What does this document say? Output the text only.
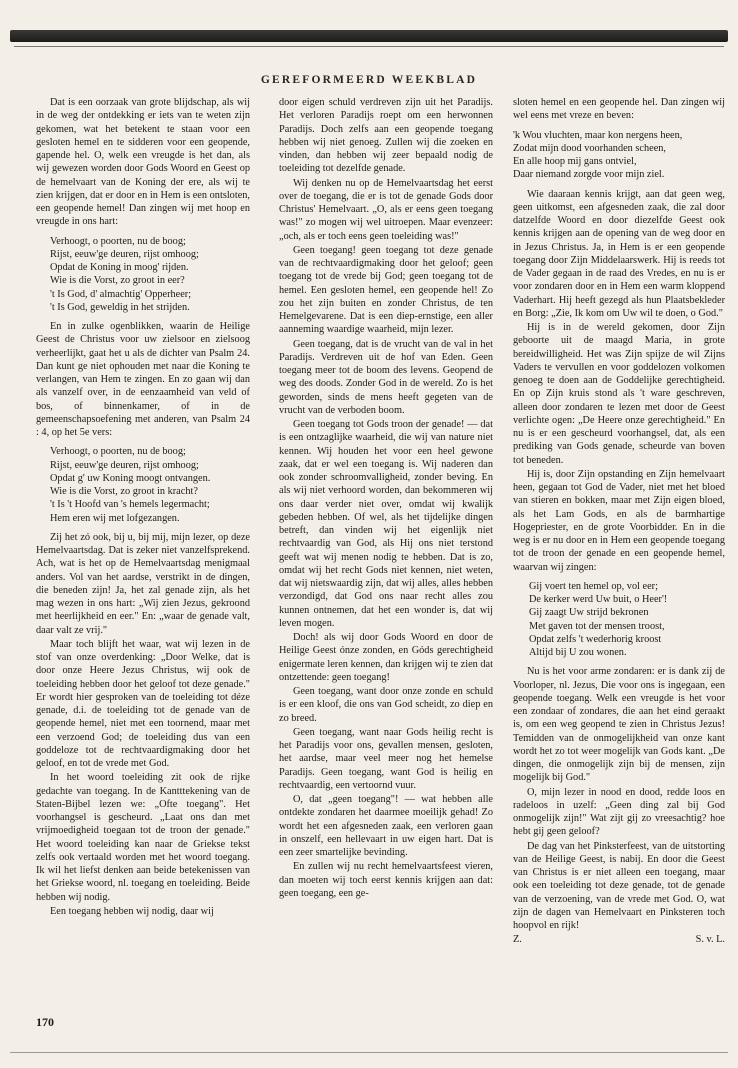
GEREFORMEERD WEEKBLAD

Dat is een oorzaak van grote blijdschap, als wij in de weg der ontdekking er iets van te weten zijn gekomen, wat het betekent te staan voor een gesloten hemel en te sidderen voor een geopende, gapende hel. O, welk een vreugde is het dan, als wij gewezen worden door Gods Woord en Geest op de hemelvaart van de Koning der ere, als wij te zien krijgen, dat er door en in Hem is een ontsloten, een geopende hemel! Dan zingen wij met hoop en vreugde in ons hart:

Verhoogt, o poorten, nu de boog;
Rijst, eeuw'ge deuren, rijst omhoog;
Opdat de Koning in moog' rijden.
Wie is die Vorst, zo groot in eer?
't Is God, d' almachtig' Opperheer;
't Is God, geweldig in het strijden.

En in zulke ogenblikken, waarin de Heilige Geest de Christus voor uw zielsoor en zielsoog verheerlijkt, gaat het u als de dichter van Psalm 24. Dan kunt ge niet ophouden met naar die Koning te verlangen, van Hem te zingen. En zo gaan wij dan als vanzelf over, in de eenzaamheid van veld of bos, of binnenkamer, of in de gemeenschapsoefening met anderen, van Psalm 24 : 4, op het 5e vers:

Verhoogt, o poorten, nu de boog;
Rijst, eeuw'ge deuren, rijst omhoog;
Opdat g' uw Koning moogt ontvangen.
Wie is die Vorst, zo groot in kracht?
't Is 't Hoofd van 's hemels legermacht;
Hem eren wij met lofgezangen.

Zij het zó ook, bij u, bij mij, mijn lezer, op deze Hemelvaartsdag. Dat is zeker niet vanzelfsprekend. Ach, wat is het op de Hemelvaartsdag menigmaal anders. Vol van het aardse, verstrikt in de dingen, die beneden zijn! Ja, het zal genade zijn, als het mag wezen in ons hart: „Wij zien Jezus, gekroond met heerlijkheid en eer." En: „waar de genade valt, daar valt ze vrij."

Maar toch blijft het waar, wat wij lezen in de stof van onze overdenking: „Door Welke, dat is door onze Heere Jezus Christus, wij ook de toeleiding hebben door het geloof tot deze genade." Er wordt hier gesproken van de toeleiding tot déze genade, d.i. de toeleiding tot de genade van de geopende hemel, niet met een toornend, maar met een verzoend God; de toeleiding dus van een goddeloze tot de rechtvaardigmaking door het geloof, en tot de vrede met God.

In het woord toeleiding zit ook de rijke gedachte van toegang. In de Kantttekening van de Staten-Bijbel lezen we: „Ofte toegang". Het voorhangsel is gescheurd. „Laat ons dan met vrijmoedigheid toegaan tot de troon der genade." Het woord toeleiding kan naar de Griekse tekst zelfs ook vertaald worden met het woord toegang. Ik wil het liefst denken aan beide betekenissen van het Griekse woord, nl. toegang en toeleiding. Beide hebben wij nodig.

Een toegang hebben wij nodig, daar wij

door eigen schuld verdreven zijn uit het Paradijs. Het verloren Paradijs roept om een herwonnen Paradijs. Doch zelfs aan een geopende toegang hebben wij niet genoeg. Zullen wij die zoeken en vinden, dan hebben wij zeer bepaald nodig de toeleiding tot dezelfde genade.

Wij denken nu op de Hemelvaartsdag het eerst over de toegang, die er is tot de genade Gods door Christus' Hemelvaart. „O, als er eens geen toegang was!" zo mogen wij wel uitroepen. Maar evenzeer: „och, als er toch eens geen toeleiding was!"

Geen toegang! geen toegang tot deze genade van de rechtvaardigmaking door het geloof; geen toegang tot de vrede bij God; geen toegang tot de hemel. Een gesloten hemel, een geopende hel! Zo zou het zijn buiten en zonder Christus, de ten Hemelgevarene. Dat is een diep-ernstige, een aller aanneming waardige waarheid, mijn lezer.

Geen toegang, dat is de vrucht van de val in het Paradijs. Verdreven uit de hof van Eden. Geen toegang meer tot de boom des levens. Geopend de weg des doods. Zonder God in de wereld. Zo is het geworden, sinds de mens heeft gegeten van de vrucht van de verboden boom.

Geen toegang tot Gods troon der genade! — dat is een ontzaglijke waarheid, die wij van nature niet kennen. Wij houden het voor een heel gewone zaak, dat er wel een toegang is. Wij naderen dan ook zonder schroomvalligheid, zonder beving. En als wij niet verhoord worden, dan bekommeren wij ons daar verder niet over, omdat wij kwalijk gebeden hebben. Of wel, als het tijdelijke dingen betreft, dan vinden wij het eigenlijk niet rechtvaardig van God, als Hij ons niet terstond geeft wat wij menen nodig te hebben. Dat is zo, omdat wij het recht Gods niet kennen, niet weten, dat wij nietswaardig zijn, dat wij alles, alles hebben verzondigd, dat God ons naar recht alles zou kunnen ontnemen, dat het een wonder is, dat wij leven mogen.

Doch! als wij door Gods Woord en door de Heilige Geest ónze zonden, en Góds gerechtigheid enigermate leren kennen, dan krijgen wij te zien dat ontzettende: geen toegang!

Geen toegang, want door onze zonde en schuld is er een kloof, die ons van God scheidt, zo diep en zo breed.

Geen toegang, want naar Gods heilig recht is het Paradijs voor ons, gevallen mensen, gesloten, het aardse, maar veel meer nog het hemelse Paradijs. Geen toegang, want God is heilig en rechtvaardig, een vertoornd vuur.

O, dat „geen toegang"! — wat hebben alle ontdekte zondaren het daarmee moeilijk gehad! Zo wordt het een afgesneden zaak, een verloren gaan in onszelf, een hellevaart in uw eigen hart. Dat is een zeer smartelijke bevinding.

En zullen wij nu recht hemelvaartsfeest vieren, dan moeten wij toch eerst kennis krijgen aan dat: geen toegang, een ge-

sloten hemel en een geopende hel. Dan zingen wij wel eens met vreze en beven:

'k Wou vluchten, maar kon nergens heen,
Zodat mijn dood voorhanden scheen,
En alle hoop mij gans ontviel,
Daar niemand zorgde voor mijn ziel.

Wie daaraan kennis krijgt, aan dat geen weg, geen uitkomst, een afgesneden zaak, die zal door datzelfde Woord en door diezelfde Geest ook kennis krijgen aan de opening van de weg door en in Jezus Christus. Ja, in Hem is er een geopende toegang door Zijn Middelaarswerk. Hij is reeds tot de Vader gegaan in de raad des Vredes, en nu is er voor zondaren door en in Hem een warm kloppend Vaderhart. Hij heeft gezegd als hun Plaatsbekleder en Borg: „Zie, Ik kom om Uw wil te doen, o God."

Hij is in de wereld gekomen, door Zijn geboorte uit de maagd Maria, in grote bereidwilligheid. Het was Zijn spijze de wil Zijns Vaders te vervullen en voor goddelozen volkomen genoeg te doen aan de Goddelijke gerechtigheid. En op Zijn kruis stond als 't ware geschreven, alleen door zondaren te lezen met door de Geest verlichte ogen: „De Heere onze gerechtigheid." En nu is er een gescheurd voorhangsel, dat, als een prediking van Gods genade, scheurde van boven tot beneden.

Hij is, door Zijn opstanding en Zijn hemelvaart heen, gegaan tot God de Vader, niet met het bloed van stieren en bokken, maar met Zijn eigen bloed, als het Lam Gods, en als de barmhartige Hogepriester, en de grote Voorbidder. En in die weg is er nu door en in Hem een geopende toegang tot de troon der genade en een geopende hemel, waarvan wij zingen:

Gij voert ten hemel op, vol eer;
De kerker werd Uw buit, o Heer'!
Gij zaagt Uw strijd bekronen
Met gaven tot der mensen troost,
Opdat zelfs 't wederhorig kroost
Altijd bij U zou wonen.

Nu is het voor arme zondaren: er is dank zij de Voorloper, nl. Jezus, Die voor ons is ingegaan, een geopende toegang. Welk een vreugde is het voor een zondaar of zondares, die aan het eind geraakt is, om een weg geopend te zien in Christus Jezus! Temidden van de onmogelijkheid van onze kant wordt het zo tot weer mogelijk van Gods kant. „De dingen, die onmogelijk zijn bij de mensen, zijn mogelijk bij God."

O, mijn lezer in nood en dood, redde loos en radeloos in uzelf: „Geen ding zal bij God onmogelijk zijn!" Wat zijt gij zo vreesachtig? hoe hebt gij geen geloof?

De dag van het Pinksterfeest, van de uitstorting van de Heilige Geest, is nabij. En door die Geest van Christus is er niet alleen een toegang, maar ook een toeleiding tot deze genade, tot de genade van de verzoening, van de vrede met God. O, wat zijn de dagen van Hemelvaart en Pinksteren toch hoopvol en rijk!

Z.	S. v. L.
170
